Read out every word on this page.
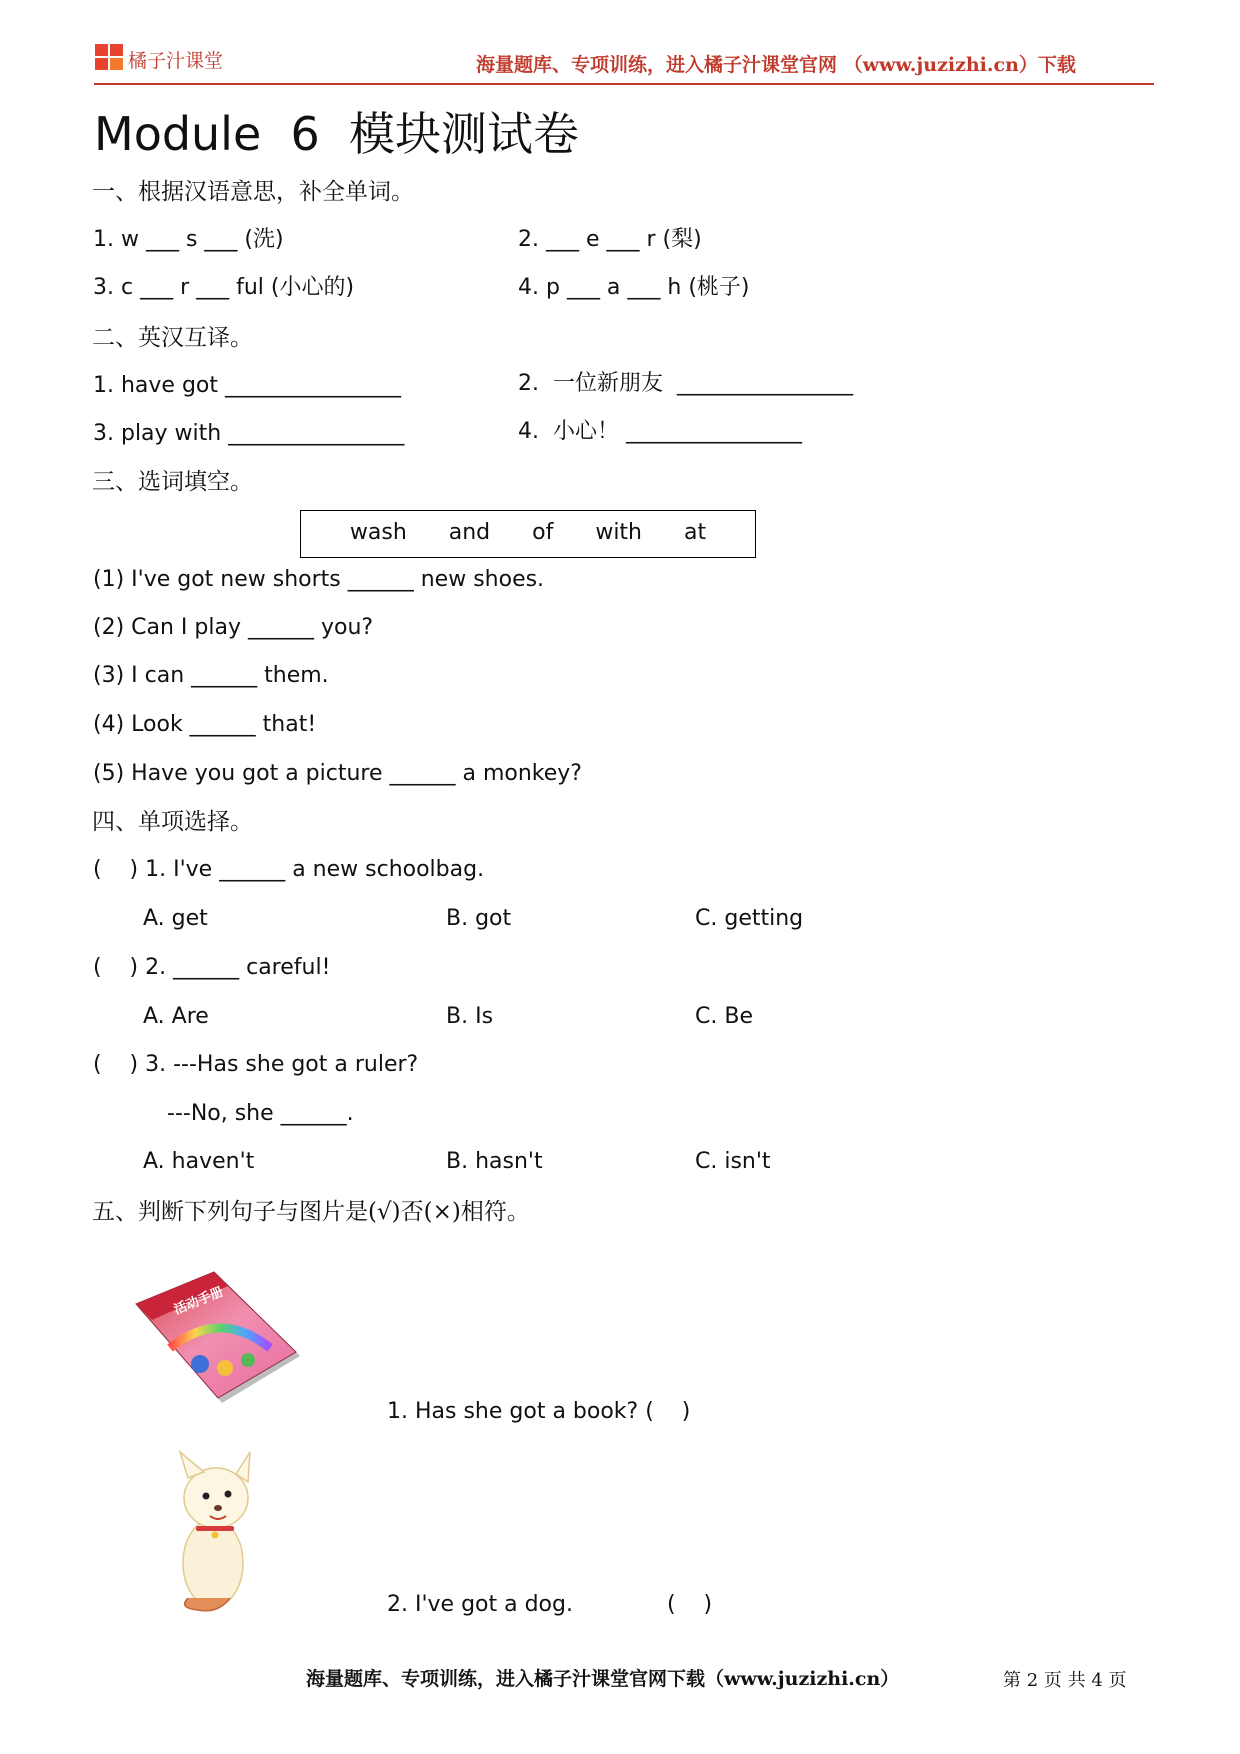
橘子汁课堂	海量题库、专项训练，进入橘子汁课堂官网 （www.juzizhi.cn）下载
Module  6  模块测试卷
一、根据汉语意思，补全单词。
1. w ___ s ___ (洗)	2. ___ e ___ r (梨)
3. c ___ r ___ ful (小心的)	4. p ___ a ___ h (桃子)
二、英汉互译。
1. have got ________________	2.  一位新朋友  ________________
3. play with ________________	4.  小心！ ________________
三、选词填空。
wash  and  of  with  at
(1) I've got new shorts ______ new shoes.
(2) Can I play ______ you?
(3) I can ______ them.
(4) Look ______ that!
(5) Have you got a picture ______ a monkey?
四、单项选择。
(    ) 1. I've ______ a new schoolbag.
A. get	B. got	C. getting
(    ) 2. ______ careful!
A. Are	B. Is	C. Be
(    ) 3. ---Has she got a ruler?
---No, she ______.
A. haven't	B. hasn't	C. isn't
五、判断下列句子与图片是(√)否(×)相符。
活动手册
1. Has she got a book? (    )
2. I've got a dog.	(    )
海量题库、专项训练，进入橘子汁课堂官网下载（www.juzizhi.cn）	第 2 页 共 4 页
